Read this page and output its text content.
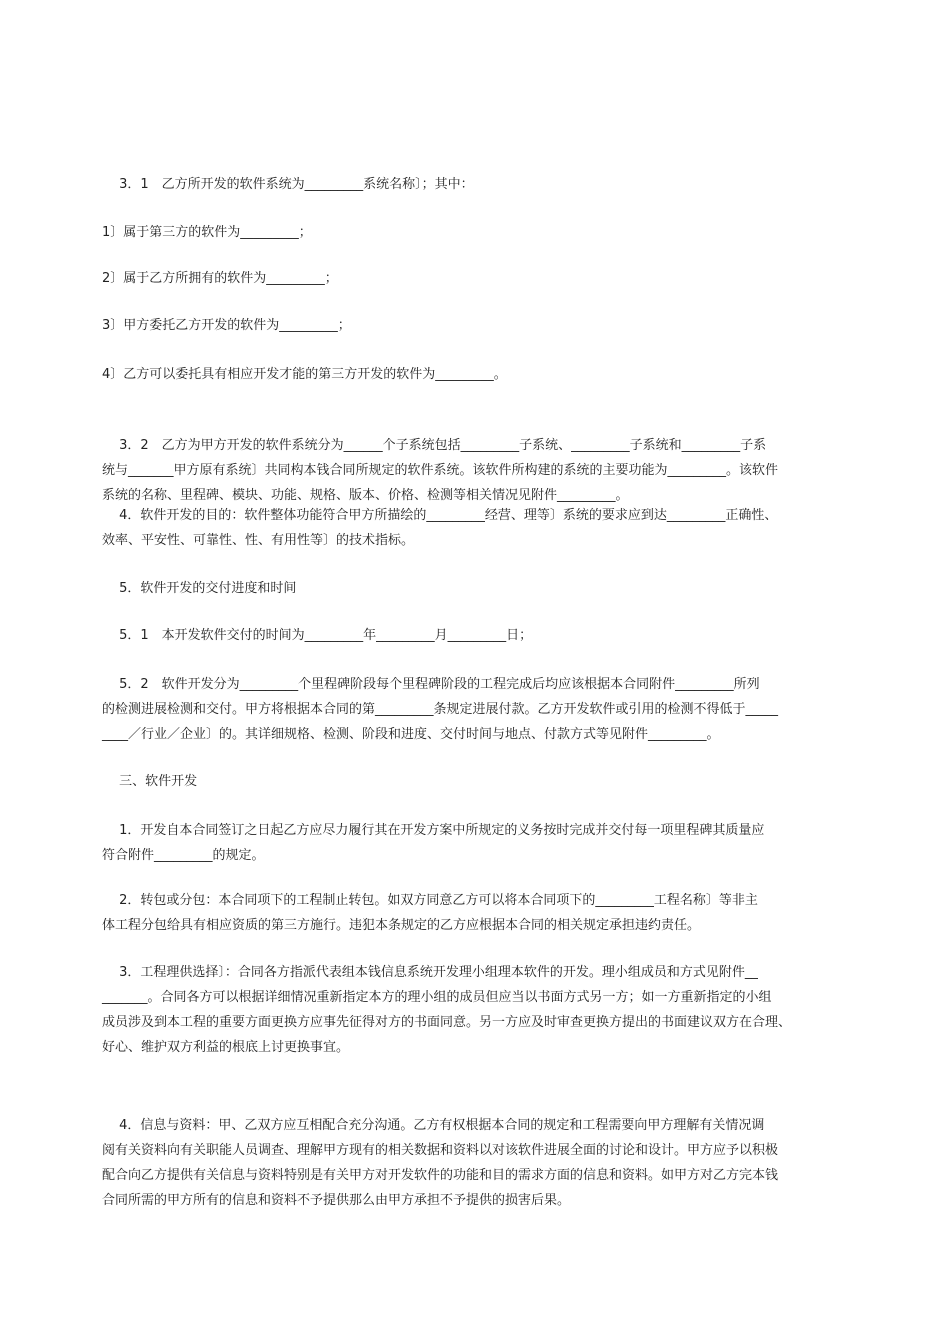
　 3．1　乙方所开发的软件系统为_________系统名称〕；其中：

1〕属于第三方的软件为_________；

2〕属于乙方所拥有的软件为_________；

3〕甲方委托乙方开发的软件为_________；

4〕乙方可以委托具有相应开发才能的第三方开发的软件为_________。

　 3．2　乙方为甲方开发的软件系统分为______个子系统包括_________子系统、_________子系统和_________子系
统与_______甲方原有系统〕共同构本钱合同所规定的软件系统。该软件所构建的系统的主要功能为_________。该软件
系统的名称、里程碑、模块、功能、规格、版本、价格、检测等相关情况见附件_________。

　 4．软件开发的目的：软件整体功能符合甲方所描绘的_________经营、理等〕系统的要求应到达_________正确性、
效率、平安性、可靠性、性、有用性等〕的技术指标。

　 5．软件开发的交付进度和时间

　 5．1　本开发软件交付的时间为_________年_________月_________日；

　 5．2　软件开发分为_________个里程碑阶段每个里程碑阶段的工程完成后均应该根据本合同附件_________所列
的检测进展检测和交付。甲方将根据本合同的第_________条规定进展付款。乙方开发软件或引用的检测不得低于_____
____／行业／企业〕的。其详细规格、检测、阶段和进度、交付时间与地点、付款方式等见附件_________。

　 三、软件开发

　 1．开发自本合同签订之日起乙方应尽力履行其在开发方案中所规定的义务按时完成并交付每一项里程碑其质量应
符合附件_________的规定。

　 2．转包或分包：本合同项下的工程制止转包。如双方同意乙方可以将本合同项下的_________工程名称〕等非主
体工程分包给具有相应资质的第三方施行。违犯本条规定的乙方应根据本合同的相关规定承担违约责任。

　 3．工程理供选择〕：合同各方指派代表组本钱信息系统开发理小组理本软件的开发。理小组成员和方式见附件__
_______。合同各方可以根据详细情况重新指定本方的理小组的成员但应当以书面方式另一方；如一方重新指定的小组
成员涉及到本工程的重要方面更换方应事先征得对方的书面同意。另一方应及时审查更换方提出的书面建议双方在合理、
好心、维护双方利益的根底上讨更换事宜。

　 4．信息与资料：甲、乙双方应互相配合充分沟通。乙方有权根据本合同的规定和工程需要向甲方理解有关情况调
阅有关资料向有关职能人员调查、理解甲方现有的相关数据和资料以对该软件进展全面的讨论和设计。甲方应予以积极
配合向乙方提供有关信息与资料特别是有关甲方对开发软件的功能和目的需求方面的信息和资料。如甲方对乙方完本钱
合同所需的甲方所有的信息和资料不予提供那么由甲方承担不予提供的损害后果。
